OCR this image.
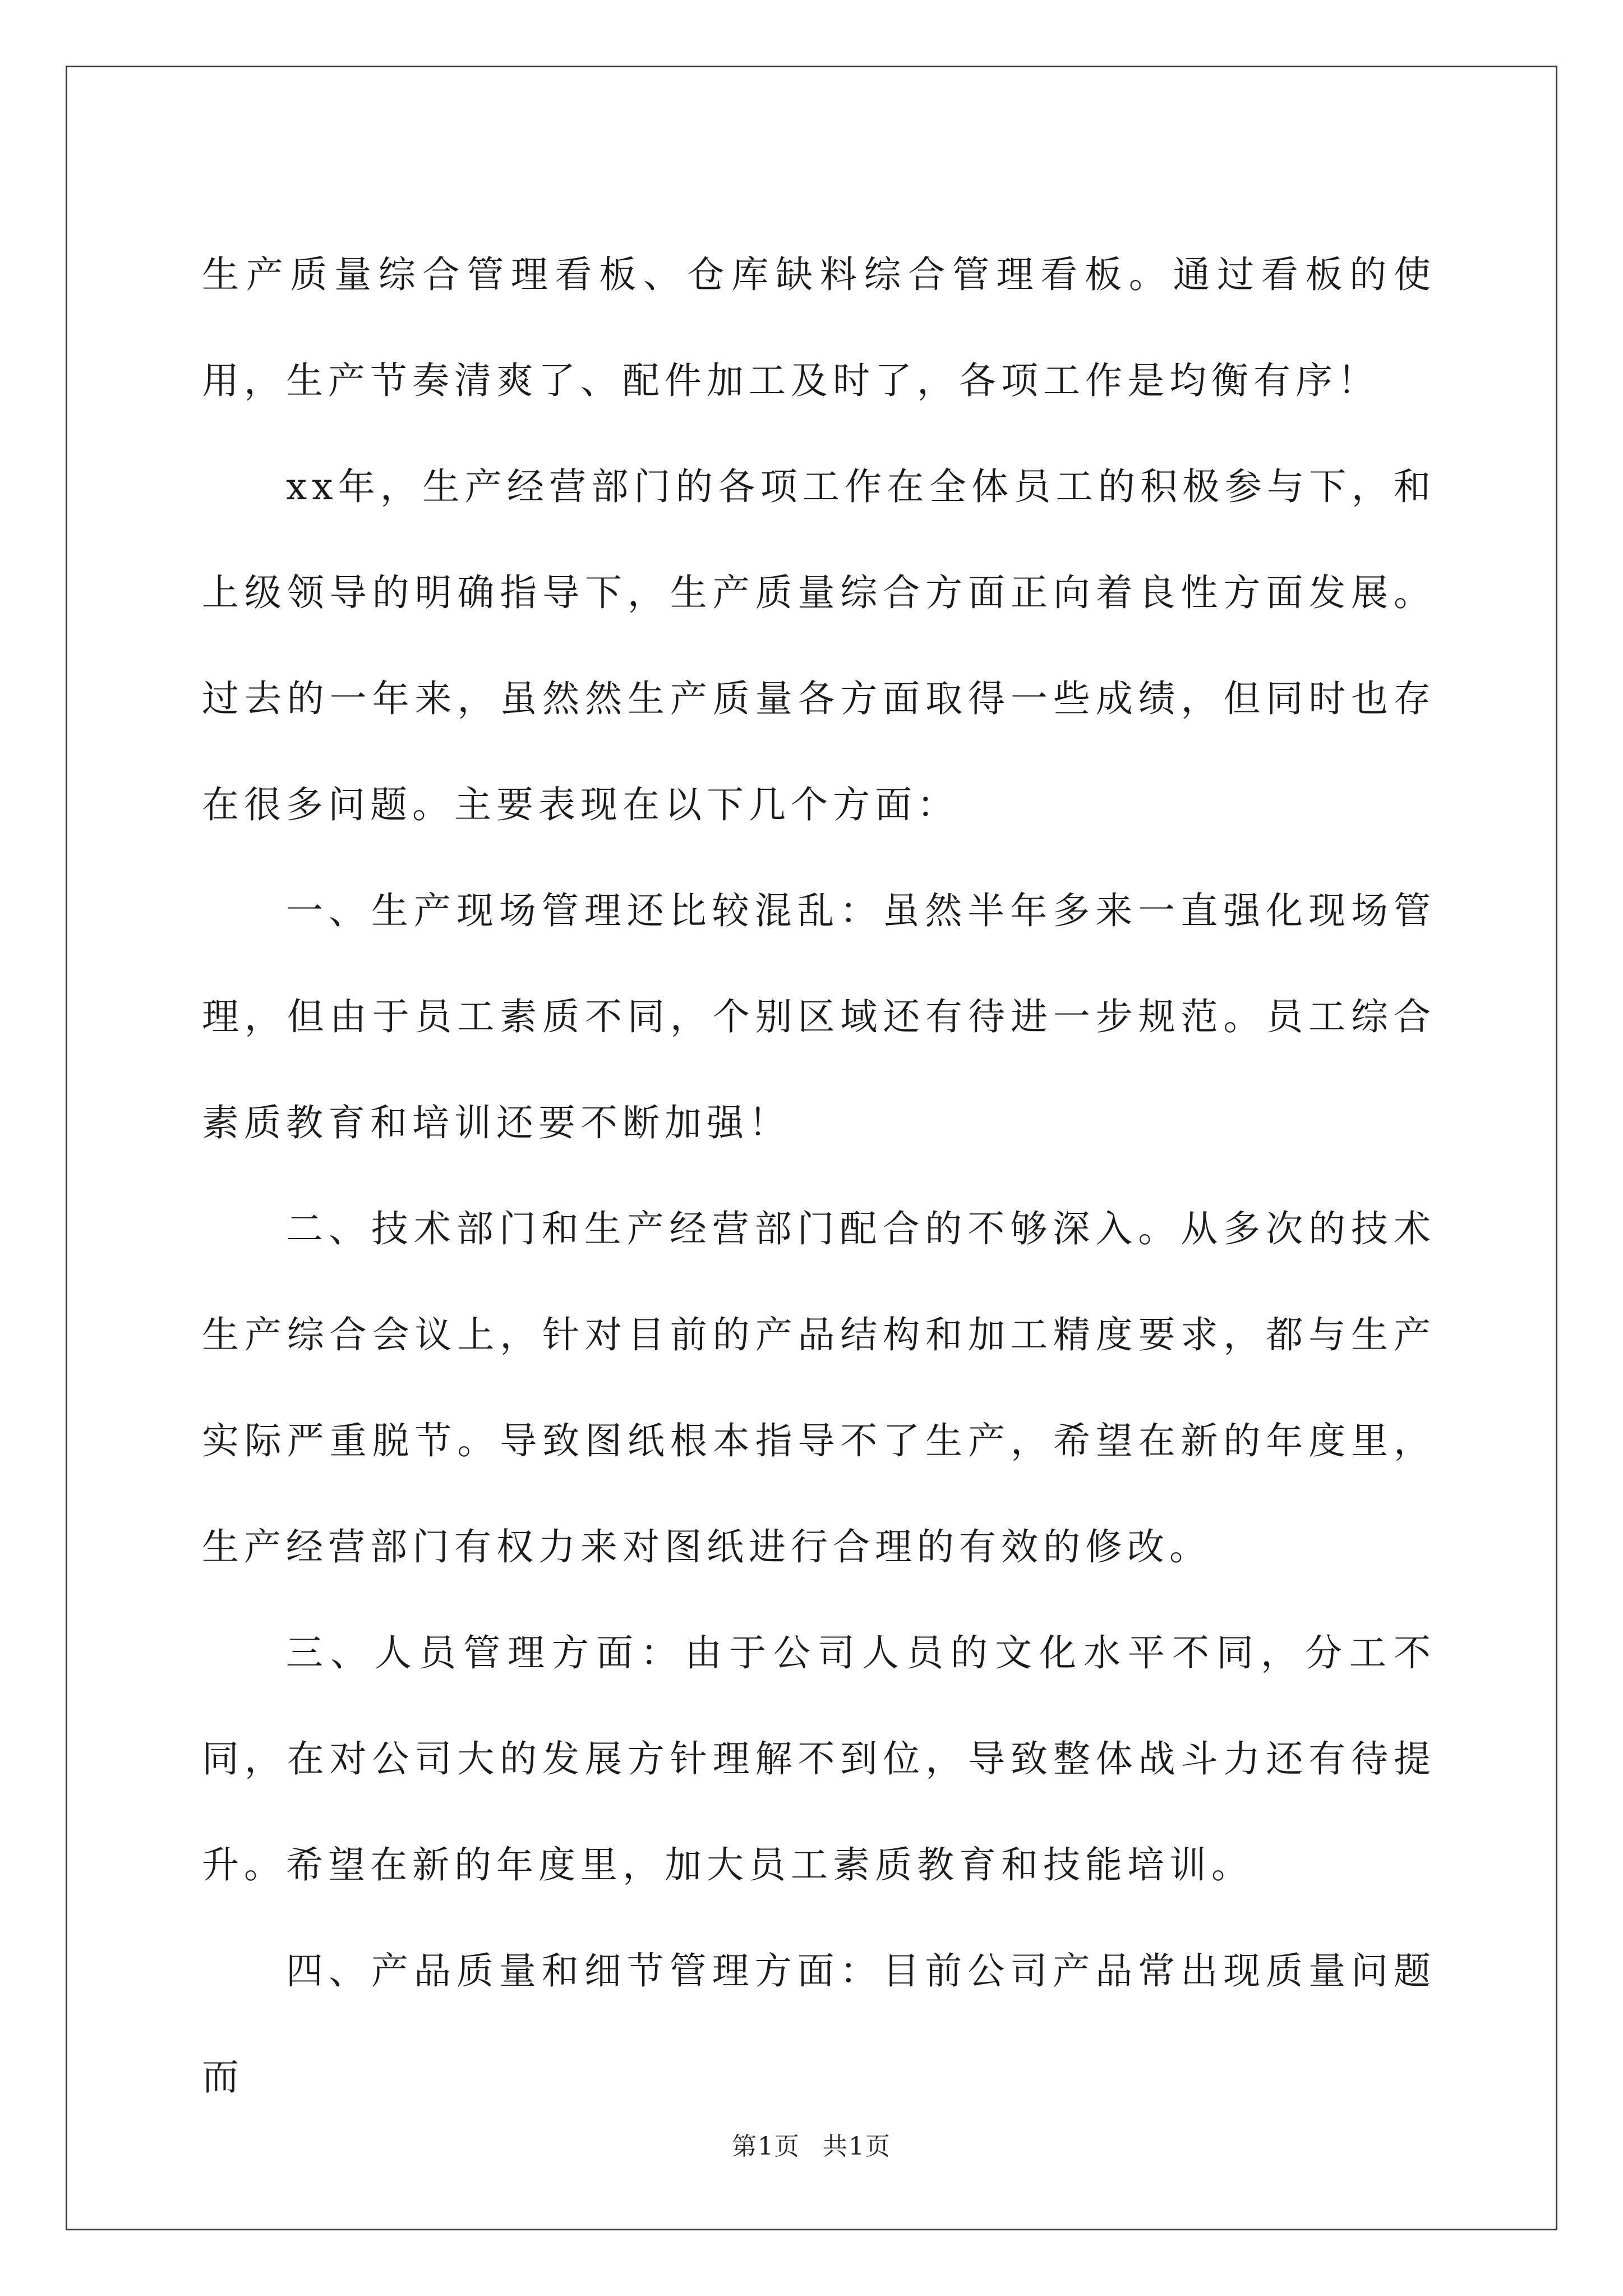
生产质量综合管理看板、仓库缺料综合管理看板。通过看板的使用，生产节奏清爽了、配件加工及时了，各项工作是均衡有序！

xx年，生产经营部门的各项工作在全体员工的积极参与下，和上级领导的明确指导下，生产质量综合方面正向着良性方面发展。过去的一年来，虽然然生产质量各方面取得一些成绩，但同时也存在很多问题。主要表现在以下几个方面：

一、生产现场管理还比较混乱：虽然半年多来一直强化现场管理，但由于员工素质不同，个别区域还有待进一步规范。员工综合素质教育和培训还要不断加强！

二、技术部门和生产经营部门配合的不够深入。从多次的技术生产综合会议上，针对目前的产品结构和加工精度要求，都与生产实际严重脱节。导致图纸根本指导不了生产，希望在新的年度里，生产经营部门有权力来对图纸进行合理的有效的修改。

三、人员管理方面：由于公司人员的文化水平不同，分工不同，在对公司大的发展方针理解不到位，导致整体战斗力还有待提升。希望在新的年度里，加大员工素质教育和技能培训。

四、产品质量和细节管理方面：目前公司产品常出现质量问题而

第1页 共1页
